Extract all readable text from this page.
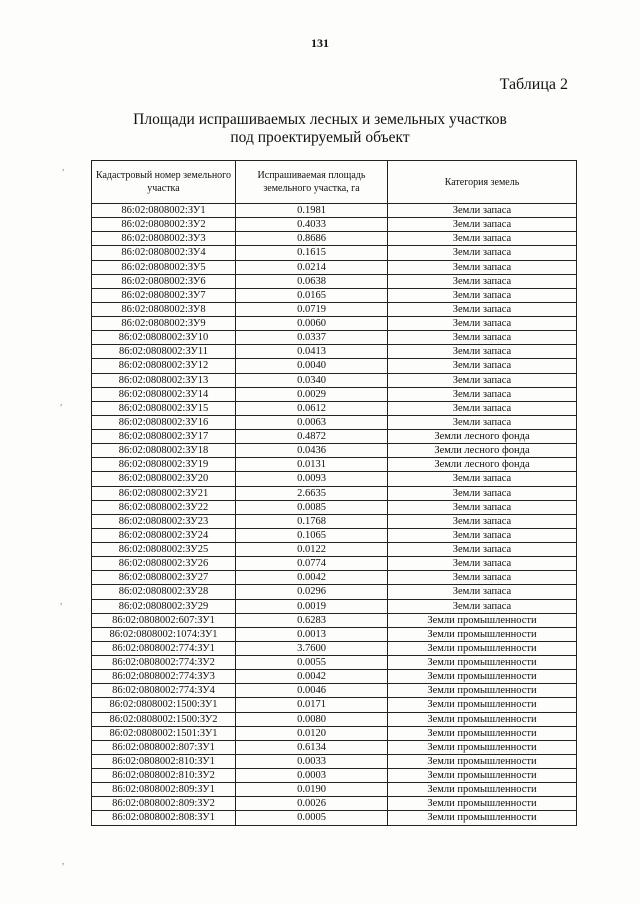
131
Таблица 2
Площади испрашиваемых лесных и земельных участков
под проектируемый объект
Кадастровый номер земельного участка	Испрашиваемая площадь земельного участка, га	Категория земель
86:02:0808002:ЗУ1	0.1981	Земли запаса
86:02:0808002:ЗУ2	0.4033	Земли запаса
86:02:0808002:ЗУ3	0.8686	Земли запаса
86:02:0808002:ЗУ4	0.1615	Земли запаса
86:02:0808002:ЗУ5	0.0214	Земли запаса
86:02:0808002:ЗУ6	0.0638	Земли запаса
86:02:0808002:ЗУ7	0.0165	Земли запаса
86:02:0808002:ЗУ8	0.0719	Земли запаса
86:02:0808002:ЗУ9	0.0060	Земли запаса
86:02:0808002:ЗУ10	0.0337	Земли запаса
86:02:0808002:ЗУ11	0.0413	Земли запаса
86:02:0808002:ЗУ12	0.0040	Земли запаса
86:02:0808002:ЗУ13	0.0340	Земли запаса
86:02:0808002:ЗУ14	0.0029	Земли запаса
86:02:0808002:ЗУ15	0.0612	Земли запаса
86:02:0808002:ЗУ16	0.0063	Земли запаса
86:02:0808002:ЗУ17	0.4872	Земли лесного фонда
86:02:0808002:ЗУ18	0.0436	Земли лесного фонда
86:02:0808002:ЗУ19	0.0131	Земли лесного фонда
86:02:0808002:ЗУ20	0.0093	Земли запаса
86:02:0808002:ЗУ21	2.6635	Земли запаса
86:02:0808002:ЗУ22	0.0085	Земли запаса
86:02:0808002:ЗУ23	0.1768	Земли запаса
86:02:0808002:ЗУ24	0.1065	Земли запаса
86:02:0808002:ЗУ25	0.0122	Земли запаса
86:02:0808002:ЗУ26	0.0774	Земли запаса
86:02:0808002:ЗУ27	0.0042	Земли запаса
86:02:0808002:ЗУ28	0.0296	Земли запаса
86:02:0808002:ЗУ29	0.0019	Земли запаса
86:02:0808002:607:ЗУ1	0.6283	Земли промышленности
86:02:0808002:1074:ЗУ1	0.0013	Земли промышленности
86:02:0808002:774:ЗУ1	3.7600	Земли промышленности
86:02:0808002:774:ЗУ2	0.0055	Земли промышленности
86:02:0808002:774:ЗУ3	0.0042	Земли промышленности
86:02:0808002:774:ЗУ4	0.0046	Земли промышленности
86:02:0808002:1500:ЗУ1	0.0171	Земли промышленности
86:02:0808002:1500:ЗУ2	0.0080	Земли промышленности
86:02:0808002:1501:ЗУ1	0.0120	Земли промышленности
86:02:0808002:807:ЗУ1	0.6134	Земли промышленности
86:02:0808002:810:ЗУ1	0.0033	Земли промышленности
86:02:0808002:810:ЗУ2	0.0003	Земли промышленности
86:02:0808002:809:ЗУ1	0.0190	Земли промышленности
86:02:0808002:809:ЗУ2	0.0026	Земли промышленности
86:02:0808002:808:ЗУ1	0.0005	Земли промышленности
,
,
,
,
